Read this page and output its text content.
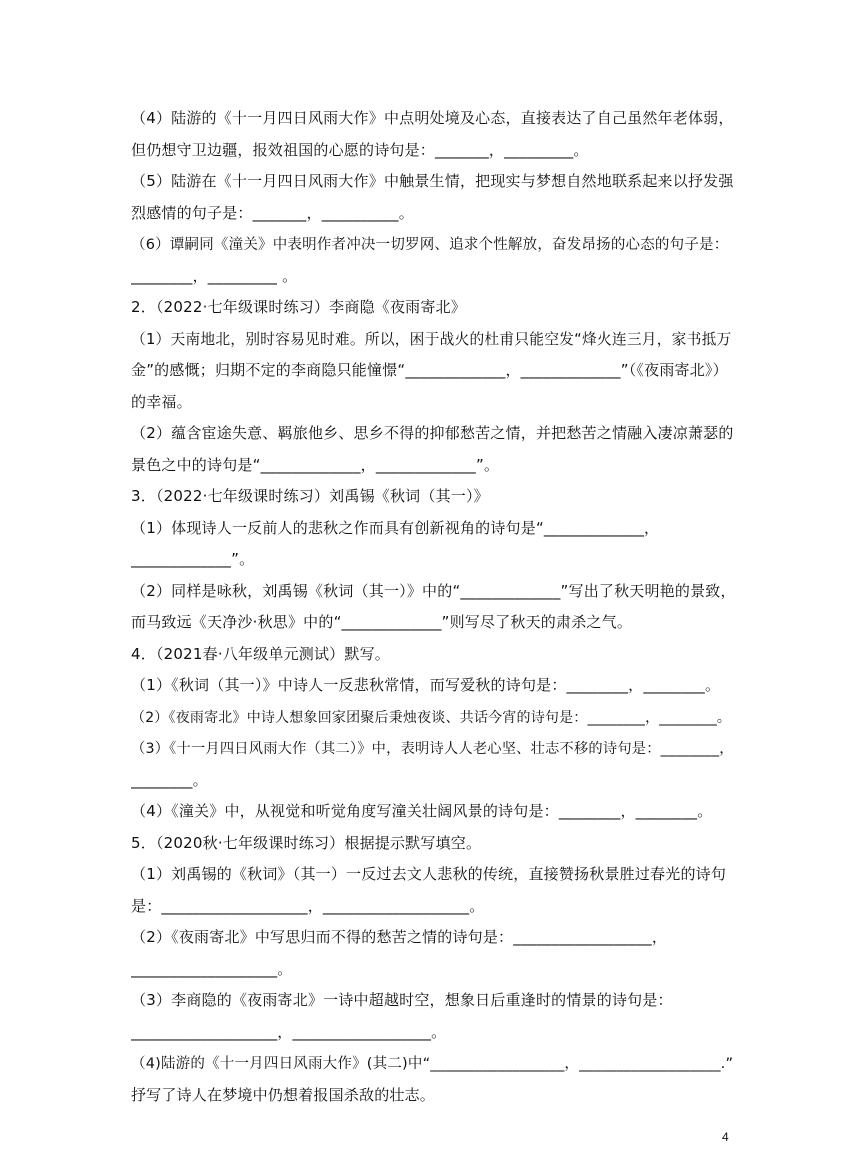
（4）陆游的《十一月四日风雨大作》中点明处境及心态，直接表达了自己虽然年老体弱，
但仍想守卫边疆，报效祖国的心愿的诗句是：_______，_________。
（5）陆游在《十一月四日风雨大作》中触景生情，把现实与梦想自然地联系起来以抒发强
烈感情的句子是：_______，__________。
（6）谭嗣同《潼关》中表明作者冲决一切罗网、追求个性解放，奋发昂扬的心态的句子是：
________，_________ 。
2．（2022·七年级课时练习）李商隐《夜雨寄北》
（1）天南地北，别时容易见时难。所以，困于战火的杜甫只能空发“烽火连三月，家书抵万
金”的感慨；归期不定的李商隐只能憧憬“_____________，_____________”（《夜雨寄北》）
的幸福。
（2）蕴含宦途失意、羁旅他乡、思乡不得的抑郁愁苦之情，并把愁苦之情融入凄凉萧瑟的
景色之中的诗句是“_____________，_____________”。
3．（2022·七年级课时练习）刘禹锡《秋词（其一）》
（1）体现诗人一反前人的悲秋之作而具有创新视角的诗句是“_____________，
_____________”。
（2）同样是咏秋，刘禹锡《秋词（其一）》中的“_____________”写出了秋天明艳的景致，
而马致远《天净沙·秋思》中的“_____________”则写尽了秋天的肃杀之气。
4．（2021春·八年级单元测试）默写。
（1）《秋词（其一）》中诗人一反悲秋常情，而写爱秋的诗句是：________，________。
（2）《夜雨寄北》中诗人想象回家团聚后秉烛夜谈、共话今宵的诗句是：________，________。
（3）《十一月四日风雨大作（其二）》中，表明诗人人老心坚、壮志不移的诗句是：________，
________。
（4）《潼关》中，从视觉和听觉角度写潼关壮阔风景的诗句是：________，________。
5．（2020秋·七年级课时练习）根据提示默写填空。
（1）刘禹锡的《秋词》（其一）一反过去文人悲秋的传统，直接赞扬秋景胜过春光的诗句
是：___________________，___________________。
（2）《夜雨寄北》中写思归而不得的愁苦之情的诗句是：__________________，
___________________。
（3）李商隐的《夜雨寄北》一诗中超越时空，想象日后重逢时的情景的诗句是：
___________________，__________________。
（4)陆游的《十一月四日风雨大作》(其二)中“__________________，___________________.”
抒写了诗人在梦境中仍想着报国杀敌的壮志。
4
